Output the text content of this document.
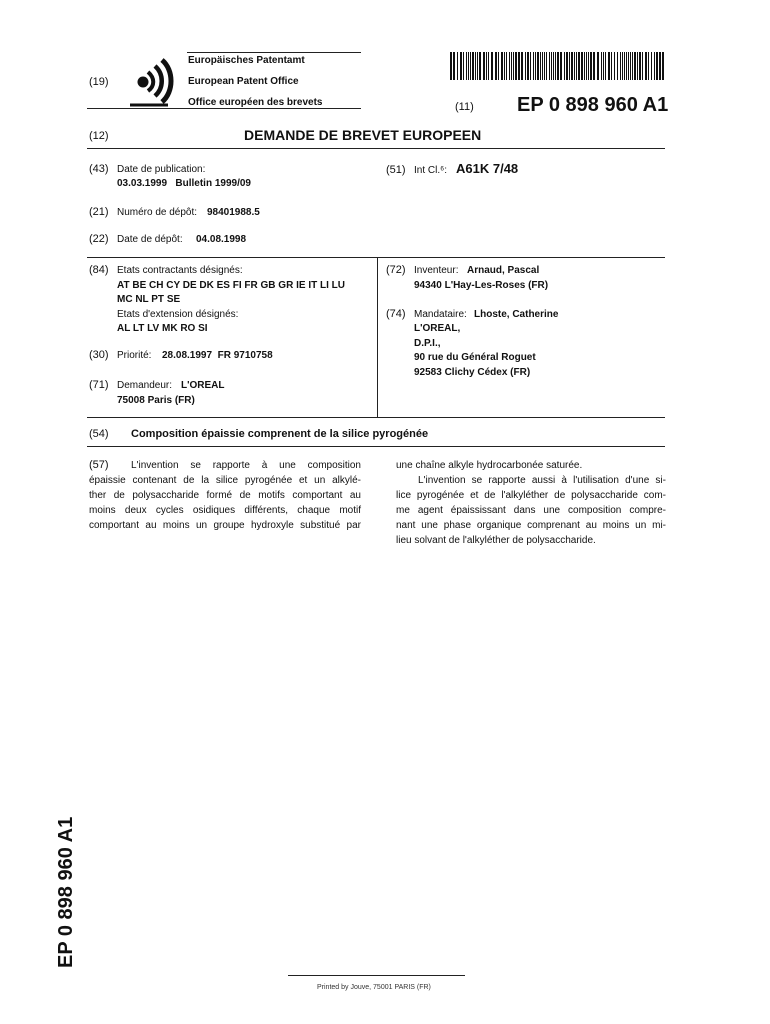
(19)
Europäisches Patentamt
European Patent Office
Office européen des brevets	(11) EP 0 898 960 A1
(12)	DEMANDE DE BREVET EUROPEEN
(43) Date de publication:
03.03.1999   Bulletin 1999/09
(51) Int Cl.⁶: A61K 7/48
(21) Numéro de dépôt: 98401988.5
(22) Date de dépôt: 04.08.1998
(84) Etats contractants désignés:
AT BE CH CY DE DK ES FI FR GB GR IE IT LI LU
MC NL PT SE
Etats d'extension désignés:
AL LT LV MK RO SI
(30) Priorité: 28.08.1997  FR 9710758
(71) Demandeur: L'OREAL
75008 Paris (FR)
(72) Inventeur: Arnaud, Pascal
94340 L'Hay-Les-Roses (FR)
(74) Mandataire: Lhoste, Catherine
L'OREAL,
D.P.I.,
90 rue du Général Roguet
92583 Clichy Cédex (FR)
(54) Composition épaissie comprenent de la silice pyrogénée
(57) L'invention se rapporte à une composition
épaissie contenant de la silice pyrogénée et un alkylé-
ther de polysaccharide formé de motifs comportant au
moins deux cycles osidiques différents, chaque motif
comportant au moins un groupe hydroxyle substitué par
une chaîne alkyle hydrocarbonée saturée.
L'invention se rapporte aussi à l'utilisation d'une si-
lice pyrogénée et de l'alkyléther de polysaccharide com-
me agent épaississant dans une composition compre-
nant une phase organique comprenant au moins un mi-
lieu solvant de l'alkyléther de polysaccharide.
EP 0 898 960 A1
Printed by Jouve, 75001 PARIS (FR)
